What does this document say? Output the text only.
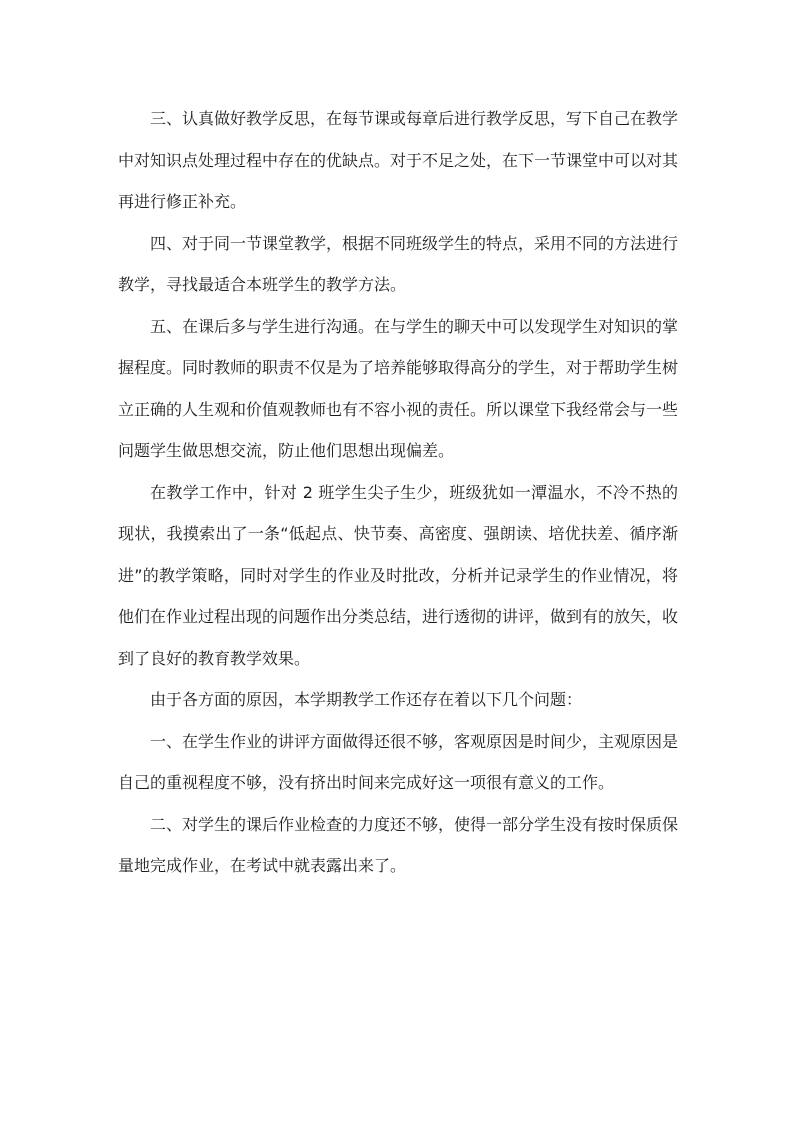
三、认真做好教学反思，在每节课或每章后进行教学反思，写下自己在教学中对知识点处理过程中存在的优缺点。对于不足之处，在下一节课堂中可以对其再进行修正补充。

四、对于同一节课堂教学，根据不同班级学生的特点，采用不同的方法进行教学，寻找最适合本班学生的教学方法。

五、在课后多与学生进行沟通。在与学生的聊天中可以发现学生对知识的掌握程度。同时教师的职责不仅是为了培养能够取得高分的学生，对于帮助学生树立正确的人生观和价值观教师也有不容小视的责任。所以课堂下我经常会与一些问题学生做思想交流，防止他们思想出现偏差。

在教学工作中，针对 2 班学生尖子生少，班级犹如一潭温水，不冷不热的现状，我摸索出了一条“低起点、快节奏、高密度、强朗读、培优扶差、循序渐进”的教学策略，同时对学生的作业及时批改，分析并记录学生的作业情况，将他们在作业过程出现的问题作出分类总结，进行透彻的讲评，做到有的放矢，收到了良好的教育教学效果。

由于各方面的原因，本学期教学工作还存在着以下几个问题：

一、在学生作业的讲评方面做得还很不够，客观原因是时间少，主观原因是自己的重视程度不够，没有挤出时间来完成好这一项很有意义的工作。

二、对学生的课后作业检查的力度还不够，使得一部分学生没有按时保质保量地完成作业，在考试中就表露出来了。
